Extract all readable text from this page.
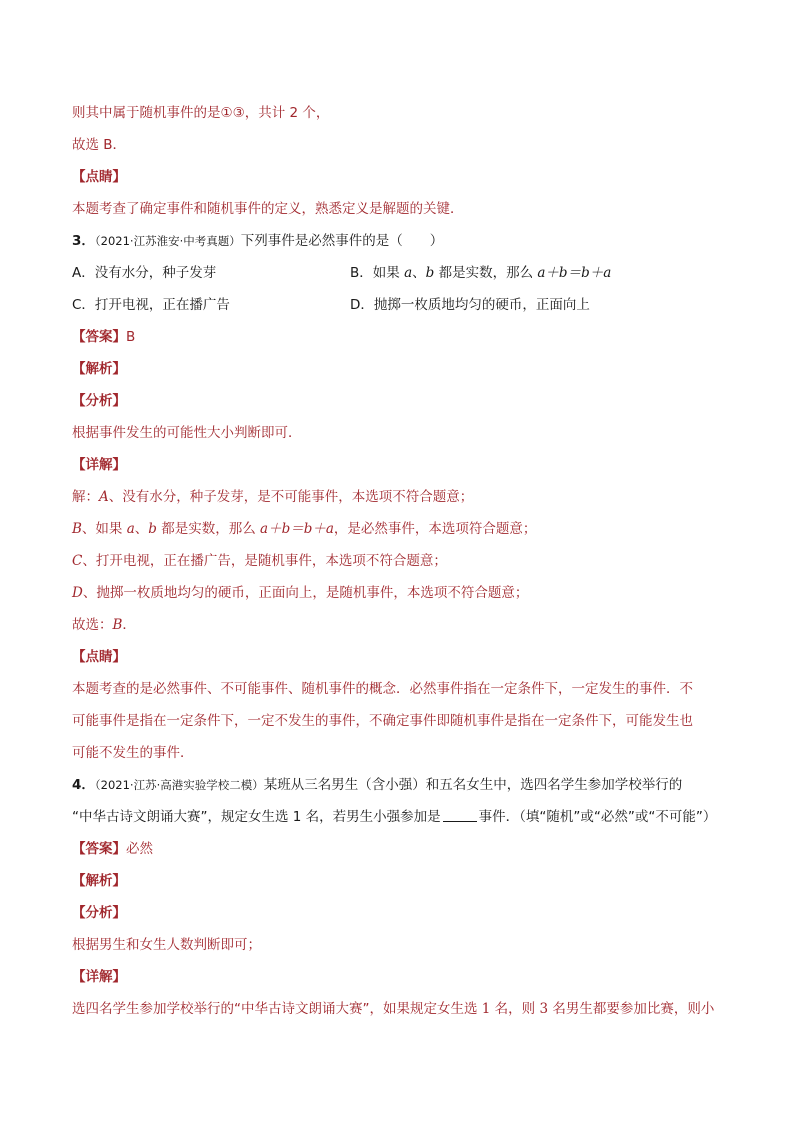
则其中属于随机事件的是①③，共计 2 个，
故选 B．
【点睛】
本题考查了确定事件和随机事件的定义，熟悉定义是解题的关键．
3．（2021·江苏淮安·中考真题）下列事件是必然事件的是（　　）
A．没有水分，种子发芽	B．如果 a、b 都是实数，那么 a＋b＝b＋a
C．打开电视，正在播广告	D．抛掷一枚质地均匀的硬币，正面向上
【答案】B
【解析】
【分析】
根据事件发生的可能性大小判断即可．
【详解】
解：A、没有水分，种子发芽，是不可能事件，本选项不符合题意；
B、如果 a、b 都是实数，那么 a＋b＝b＋a，是必然事件，本选项符合题意；
C、打开电视，正在播广告，是随机事件，本选项不符合题意；
D、抛掷一枚质地均匀的硬币，正面向上，是随机事件，本选项不符合题意；
故选：B．
【点睛】
本题考查的是必然事件、不可能事件、随机事件的概念．必然事件指在一定条件下，一定发生的事件．不
可能事件是指在一定条件下，一定不发生的事件，不确定事件即随机事件是指在一定条件下，可能发生也
可能不发生的事件．
4．（2021·江苏·高港实验学校二模）某班从三名男生（含小强）和五名女生中，选四名学生参加学校举行的
“中华古诗文朗诵大赛”，规定女生选 1 名，若男生小强参加是	事件．（填“随机”或“必然”或“不可能”）
【答案】必然
【解析】
【分析】
根据男生和女生人数判断即可；
【详解】
选四名学生参加学校举行的“中华古诗文朗诵大赛”，如果规定女生选 1 名，则 3 名男生都要参加比赛，则小
